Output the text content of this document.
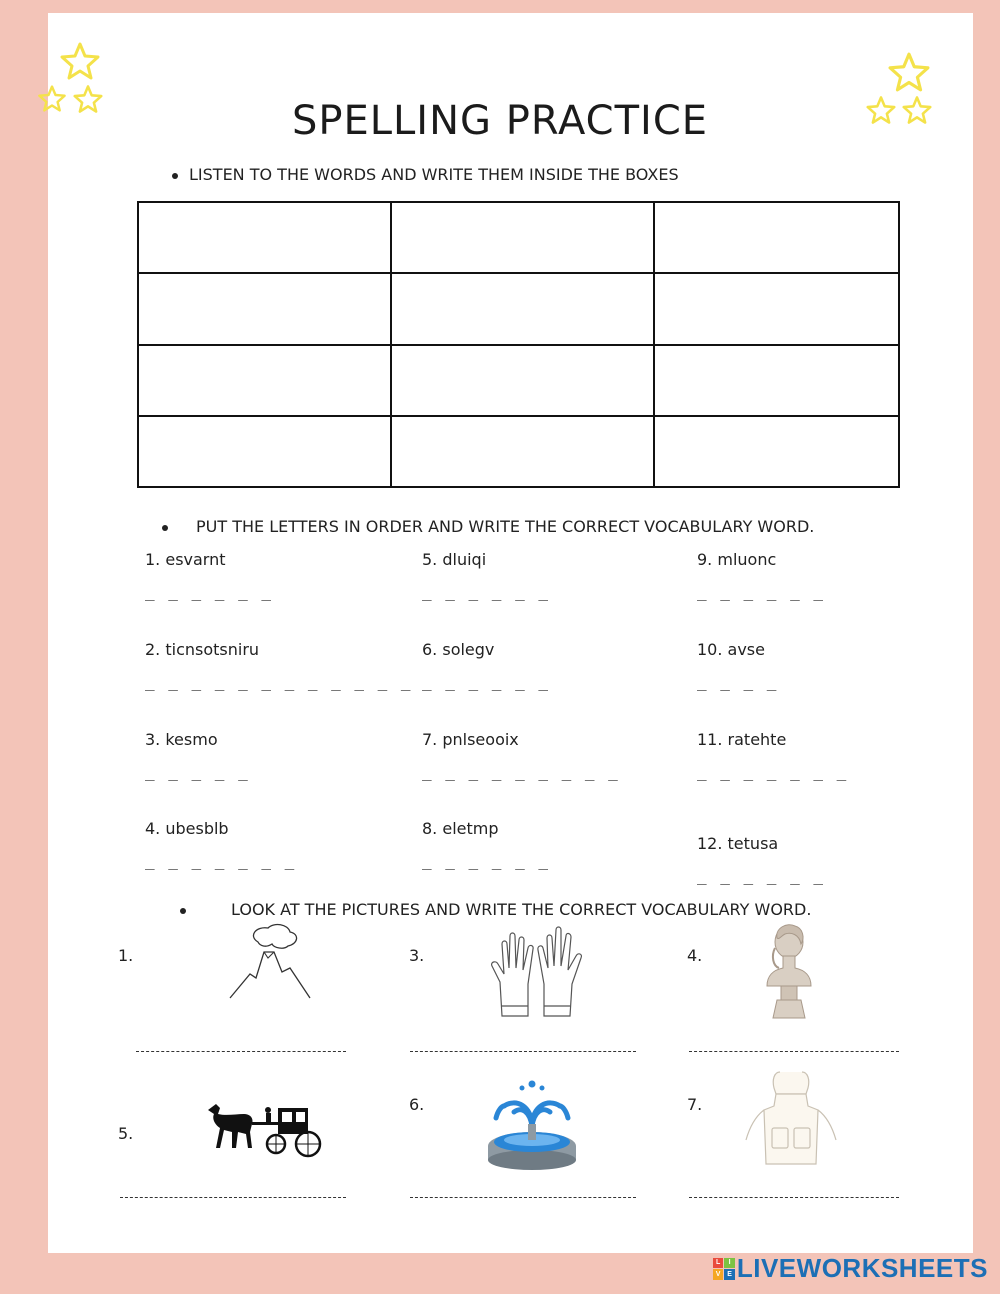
SPELLING PRACTICE
LISTEN TO THE WORDS AND WRITE THEM INSIDE THE BOXES

PUT THE LETTERS IN ORDER AND WRITE THE CORRECT VOCABULARY WORD.
1. esvarnt
_ _ _ _ _ _
2. ticnsotsniru
_ _ _ _ _ _ _ _ _ _ _ _
3. kesmo
_ _ _ _ _
4. ubesblb
_ _ _ _ _ _ _
5. dluiqi
_ _ _ _ _ _
6. solegv
_ _ _ _ _ _
7. pnlseooix
_ _ _ _ _ _ _ _ _
8. eletmp
_ _ _ _ _ _
9. mluonc
_ _ _ _ _ _
10. avse
_ _ _ _
11. ratehte
_ _ _ _ _ _ _
12. tetusa
_ _ _ _ _ _
LOOK AT THE PICTURES AND WRITE THE CORRECT VOCABULARY WORD.
1.	3.	4.
5.
6.	7.
L	I
V E LIVEWORKSHEETS
